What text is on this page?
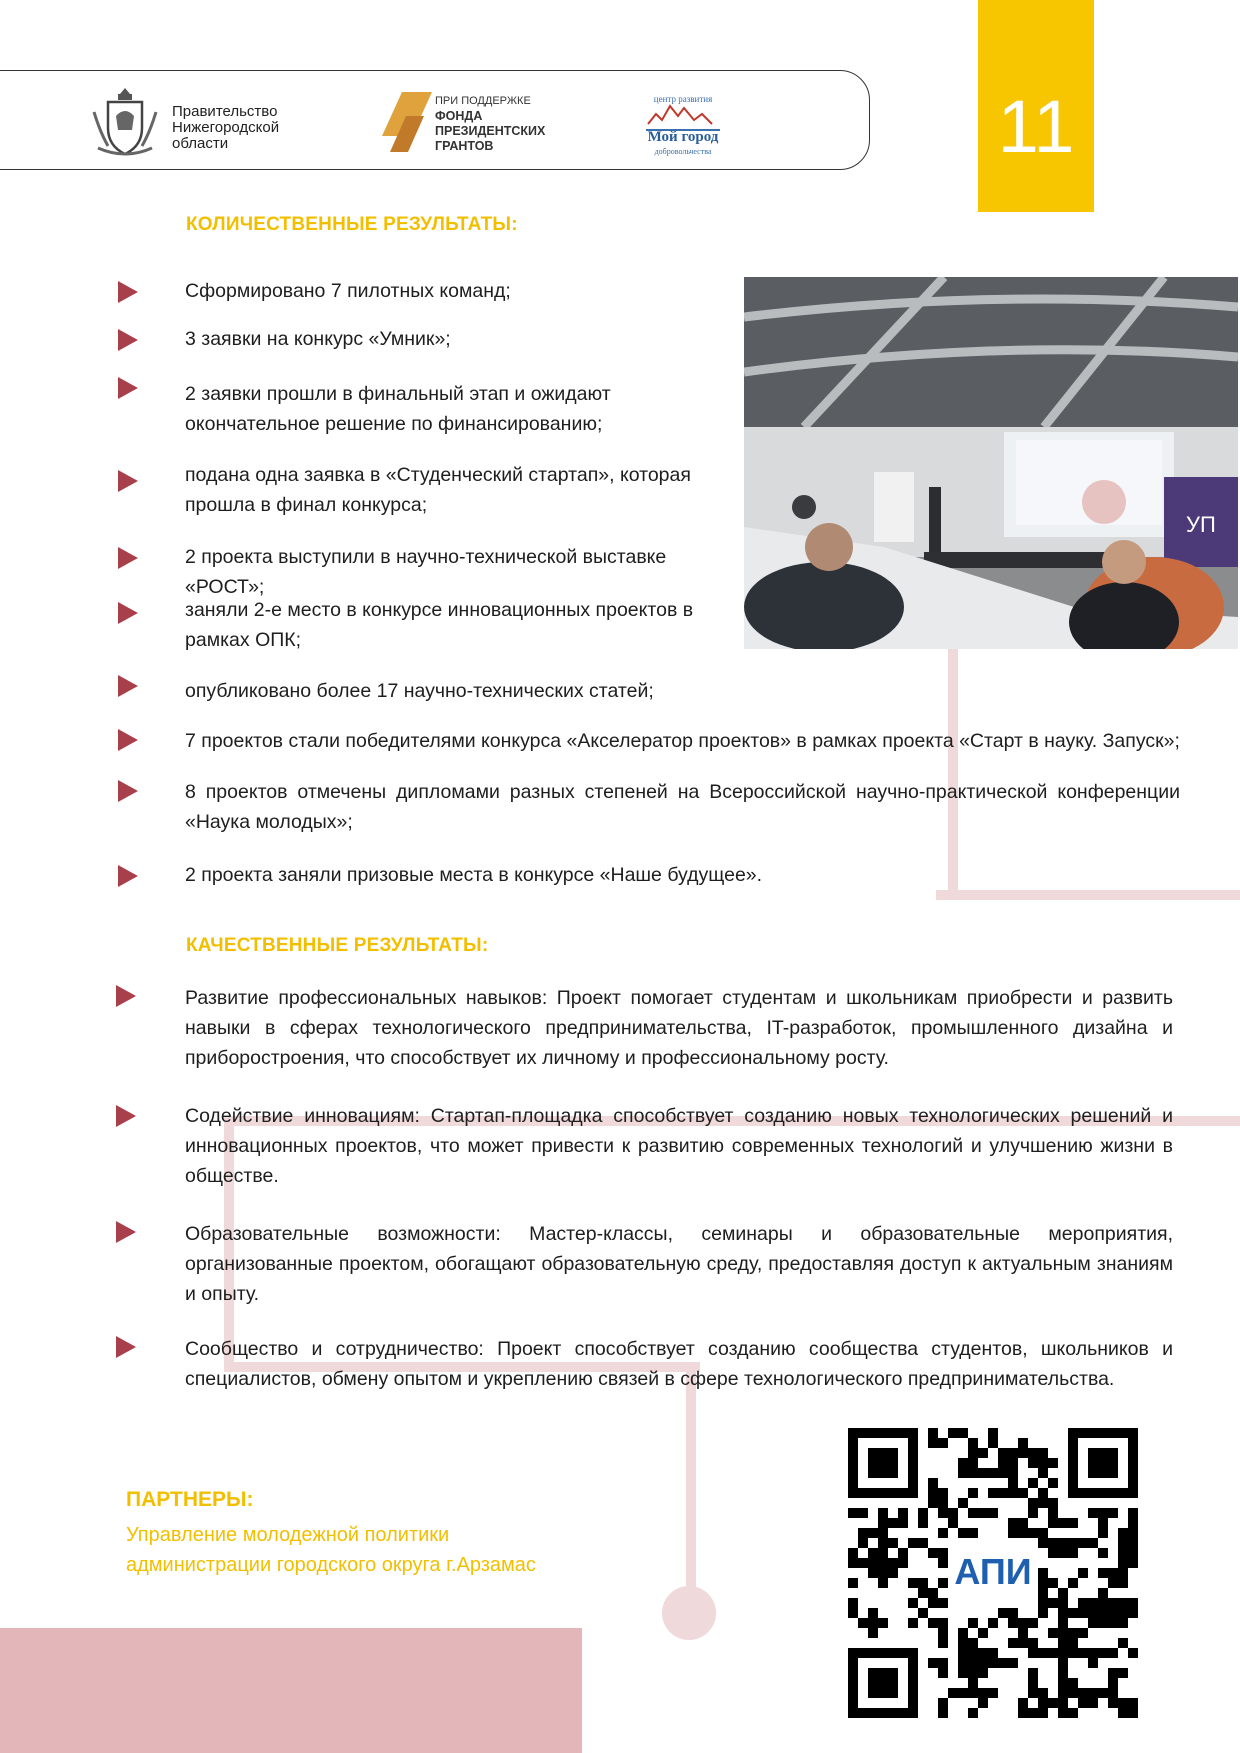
Правительство
Нижегородской
области
ПРИ ПОДДЕРЖКЕ
ФОНДА
ПРЕЗИДЕНТСКИХ
ГРАНТОВ
центр развития
Мой город
добровольчества	11
КОЛИЧЕСТВЕННЫЕ РЕЗУЛЬТАТЫ:
Сформировано 7 пилотных команд;
3 заявки на конкурс «Умник»;
2 заявки прошли в финальный этап и ожидают окончательное решение по финансированию;
подана одна заявка в «Студенческий стартап», которая прошла в финал конкурса;
2 проекта выступили в научно-технической выставке «РОСТ»;
заняли 2-е место в конкурсе инновационных проектов в рамках ОПК;
опубликовано более 17 научно-технических статей;
7 проектов стали победителями конкурса «Акселератор проектов» в рамках проекта «Старт в науку. Запуск»;
8 проектов отмечены дипломами разных степеней на Всероссийской научно-практической конференции «Наука молодых»;
2 проекта заняли призовые места в конкурсе «Наше будущее».
УП
КАЧЕСТВЕННЫЕ РЕЗУЛЬТАТЫ:
Развитие профессиональных навыков: Проект помогает студентам и школьникам приобрести и развить навыки в сферах технологического предпринимательства, IT-разработок, промышленного дизайна и приборостроения, что способствует их личному и профессиональному росту.
Содействие инновациям: Стартап-площадка способствует созданию новых технологических решений и инновационных проектов, что может привести к развитию современных технологий и улучшению жизни в обществе.
Образовательные возможности: Мастер-классы, семинары и образовательные мероприятия, организованные проектом, обогащают образовательную среду, предоставляя доступ к актуальным знаниям и опыту.
Сообщество и сотрудничество: Проект способствует созданию сообщества студентов, школьников и специалистов, обмену опытом и укреплению связей в сфере технологического предпринимательства.
ПАРТНЕРЫ:
Управление молодежной политики
администрации городского округа г.Арзамас	АПИ
